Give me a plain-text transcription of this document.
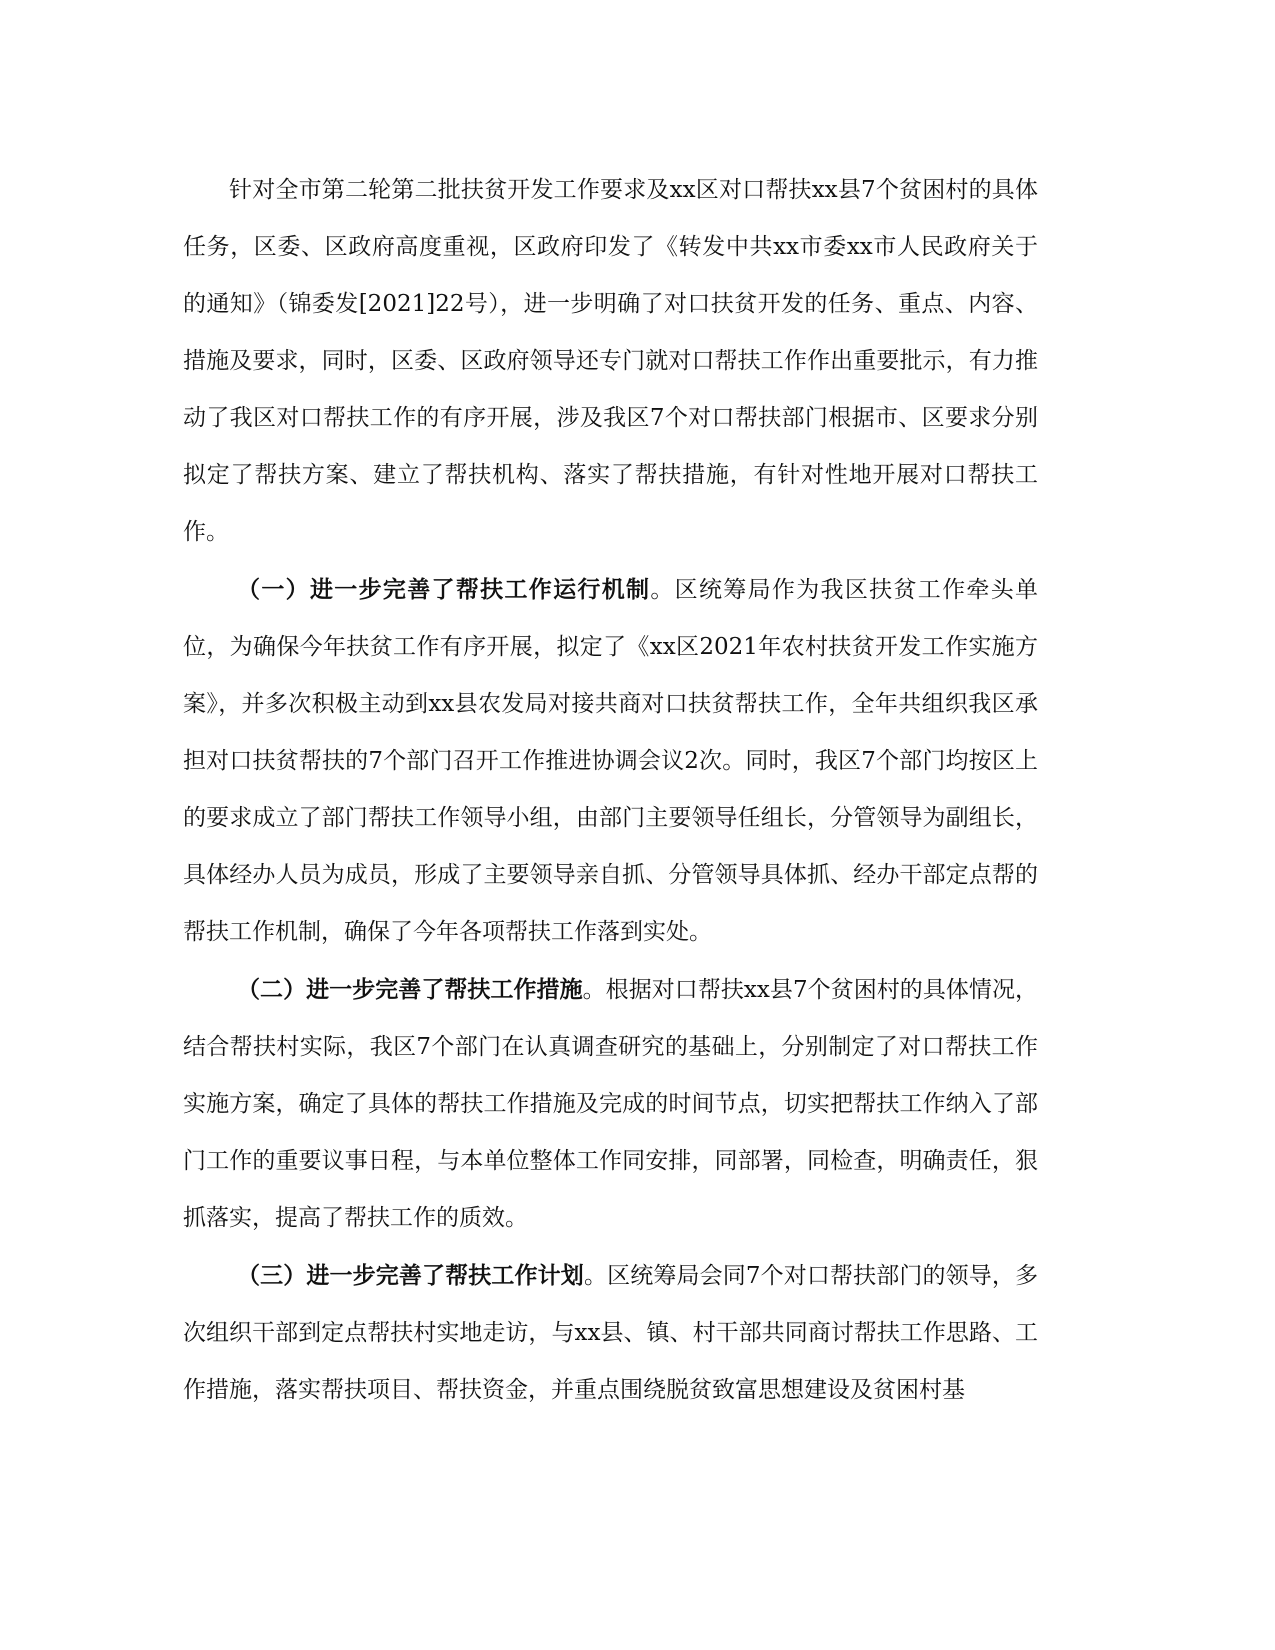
针对全市第二轮第二批扶贫开发工作要求及xx区对口帮扶xx县7个贫困村的具体任务，区委、区政府高度重视，区政府印发了《转发中共xx市委xx市人民政府关于的通知》（锦委发[2021]22号），进一步明确了对口扶贫开发的任务、重点、内容、措施及要求，同时，区委、区政府领导还专门就对口帮扶工作作出重要批示，有力推动了我区对口帮扶工作的有序开展，涉及我区7个对口帮扶部门根据市、区要求分别拟定了帮扶方案、建立了帮扶机构、落实了帮扶措施，有针对性地开展对口帮扶工作。

（一）进一步完善了帮扶工作运行机制。区统筹局作为我区扶贫工作牵头单位，为确保今年扶贫工作有序开展，拟定了《xx区2021年农村扶贫开发工作实施方案》，并多次积极主动到xx县农发局对接共商对口扶贫帮扶工作，全年共组织我区承担对口扶贫帮扶的7个部门召开工作推进协调会议2次。同时，我区7个部门均按区上的要求成立了部门帮扶工作领导小组，由部门主要领导任组长，分管领导为副组长，具体经办人员为成员，形成了主要领导亲自抓、分管领导具体抓、经办干部定点帮的帮扶工作机制，确保了今年各项帮扶工作落到实处。

（二）进一步完善了帮扶工作措施。根据对口帮扶xx县7个贫困村的具体情况，结合帮扶村实际，我区7个部门在认真调查研究的基础上，分别制定了对口帮扶工作实施方案，确定了具体的帮扶工作措施及完成的时间节点，切实把帮扶工作纳入了部门工作的重要议事日程，与本单位整体工作同安排，同部署，同检查，明确责任，狠抓落实，提高了帮扶工作的质效。

（三）进一步完善了帮扶工作计划。区统筹局会同7个对口帮扶部门的领导，多次组织干部到定点帮扶村实地走访，与xx县、镇、村干部共同商讨帮扶工作思路、工作措施，落实帮扶项目、帮扶资金，并重点围绕脱贫致富思想建设及贫困村基
